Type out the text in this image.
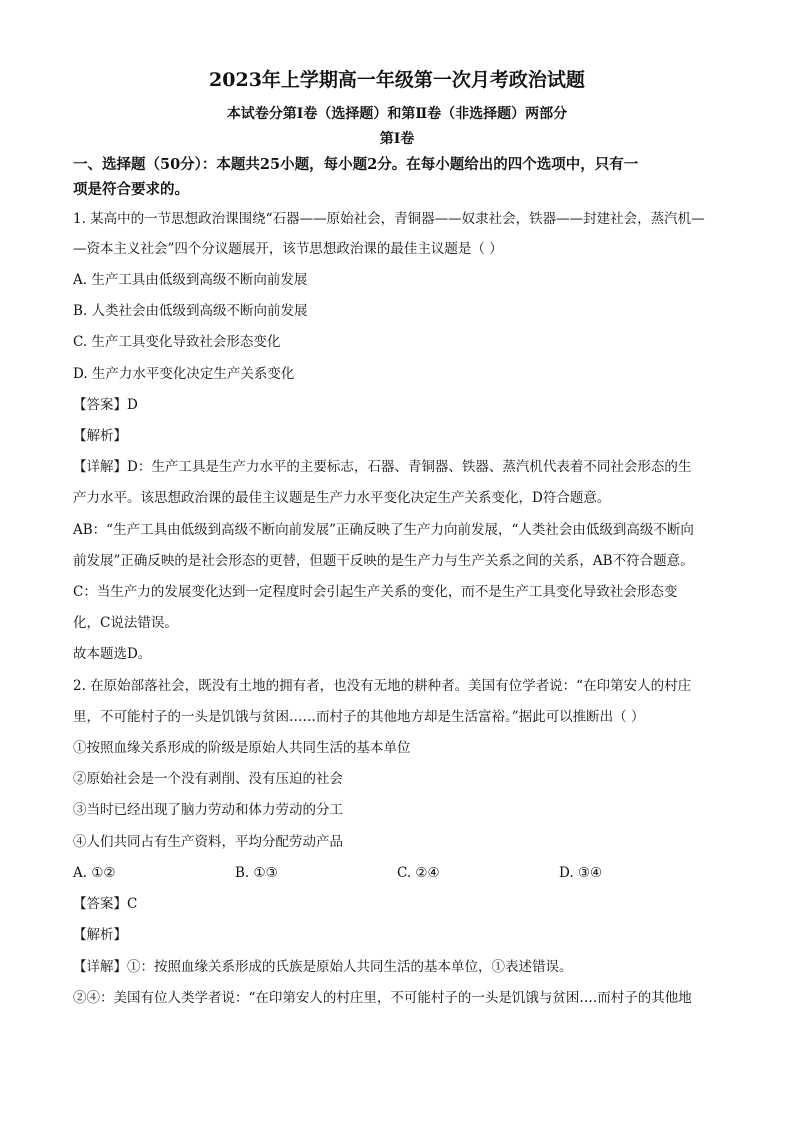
2023年上学期高一年级第一次月考政治试题
本试卷分第Ⅰ卷（选择题）和第Ⅱ卷（非选择题）两部分
第Ⅰ卷
一、选择题（50分）：本题共25小题，每小题2分。在每小题给出的四个选项中，只有一
项是符合要求的。
1. 某高中的一节思想政治课围绕“石器——原始社会，青铜器——奴隶社会，铁器——封建社会，蒸汽机—
—资本主义社会”四个分议题展开，该节思想政治课的最佳主议题是（ ）
A. 生产工具由低级到高级不断向前发展
B. 人类社会由低级到高级不断向前发展
C. 生产工具变化导致社会形态变化
D. 生产力水平变化决定生产关系变化
【答案】D
【解析】
【详解】D：生产工具是生产力水平的主要标志，石器、青铜器、铁器、蒸汽机代表着不同社会形态的生
产力水平。该思想政治课的最佳主议题是生产力水平变化决定生产关系变化，D符合题意。
AB：“生产工具由低级到高级不断向前发展”正确反映了生产力向前发展，“人类社会由低级到高级不断向
前发展”正确反映的是社会形态的更替，但题干反映的是生产力与生产关系之间的关系，AB不符合题意。
C：当生产力的发展变化达到一定程度时会引起生产关系的变化，而不是生产工具变化导致社会形态变
化，C说法错误。
故本题选D。
2. 在原始部落社会，既没有土地的拥有者，也没有无地的耕种者。美国有位学者说：“在印第安人的村庄
里，不可能村子的一头是饥饿与贫困……而村子的其他地方却是生活富裕。”据此可以推断出（ ）
①按照血缘关系形成的阶级是原始人共同生活的基本单位
②原始社会是一个没有剥削、没有压迫的社会
③当时已经出现了脑力劳动和体力劳动的分工
④人们共同占有生产资料，平均分配劳动产品
A. ①②	B. ①③	C. ②④	D. ③④
【答案】C
【解析】
【详解】①：按照血缘关系形成的氏族是原始人共同生活的基本单位，①表述错误。
②④：美国有位人类学者说：“在印第安人的村庄里，不可能村子的一头是饥饿与贫困….而村子的其他地
